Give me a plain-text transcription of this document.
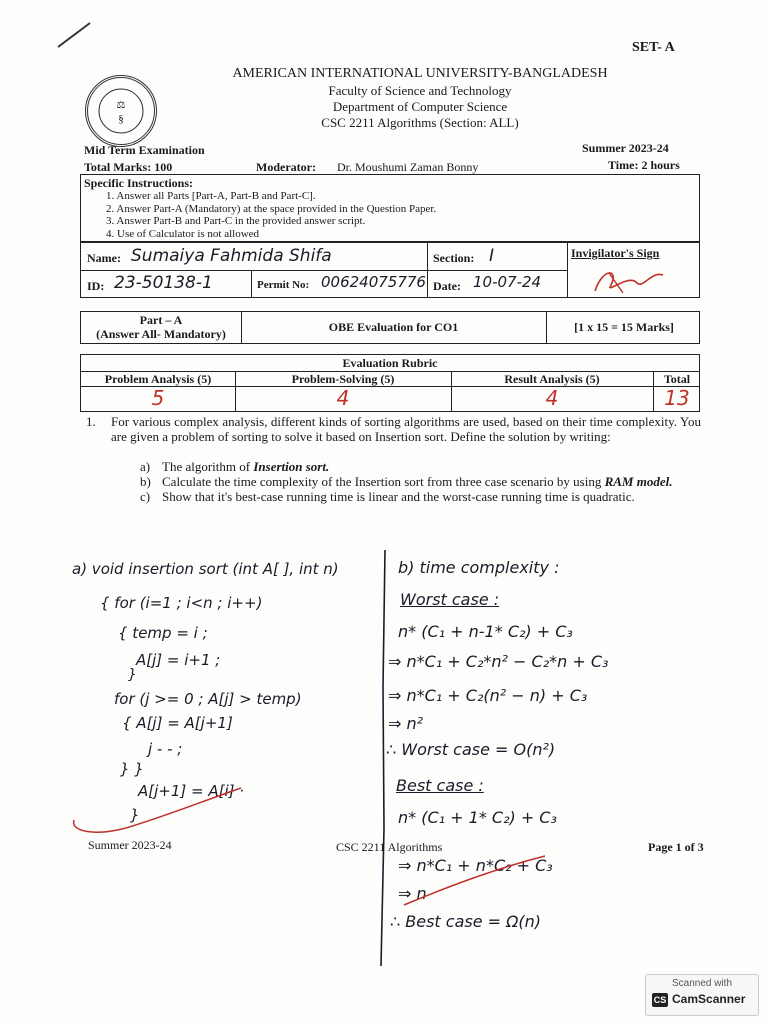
SET- A
⚖
§
AMERICAN INTERNATIONAL UNIVERSITY-BANGLADESH
Faculty of Science and Technology
Department of Computer Science
CSC 2211 Algorithms (Section: ALL)
Mid Term Examination	Summer 2023-24
Total Marks: 100	Moderator: Dr. Moushumi Zaman Bonny	Time: 2 hours
Specific Instructions:
1. Answer all Parts [Part-A, Part-B and Part-C].
2. Answer Part-A (Mandatory) at the space provided in the Question Paper.
3. Answer Part-B and Part-C in the provided answer script.
4. Use of Calculator is not allowed
Name: Sumaiya Fahmida Shifa	Section: I	Invigilator's Sign
ID: 23-50138-1	Permit No: 00624075776 Date: 10-07-24
Part – A
(Answer All- Mandatory)	OBE Evaluation for CO1	[1 x 15 = 15 Marks]
Evaluation Rubric
Problem Analysis (5)	Problem-Solving (5)	Result Analysis (5)	Total
5	4	4	13
1. For various complex analysis, different kinds of sorting algorithms are used, based on their time complexity. You are given a problem of sorting to solve it based on Insertion sort. Define the solution by writing:
a) The algorithm of Insertion sort.
b) Calculate the time complexity of the Insertion sort from three case scenario by using RAM model.
c) Show that it's best-case running time is linear and the worst-case running time is quadratic.
a) void insertion sort (int A[ ], int n)
{ for (i=1 ; i<n ; i++)
{ temp = i ;
A[j] = i+1 ;
}
for (j >= 0 ; A[j] > temp)
{ A[j] = A[j+1]
j - - ;
} }
A[j+1] = A[i] ·
}
b) time complexity :
Worst case :
n* (C₁ + n-1* C₂) + C₃
⇒ n*C₁ + C₂*n² − C₂*n + C₃
⇒ n*C₁ + C₂(n² − n) + C₃
⇒ n²
∴ Worst case = O(n²)
Best case :
n* (C₁ + 1* C₂) + C₃
⇒ n*C₁ + n*C₂ + C₃
⇒ n
∴ Best case = Ω(n)
Summer 2023-24	CSC 2211 Algorithms	Page 1 of 3
Scanned with
CS CamScanner
